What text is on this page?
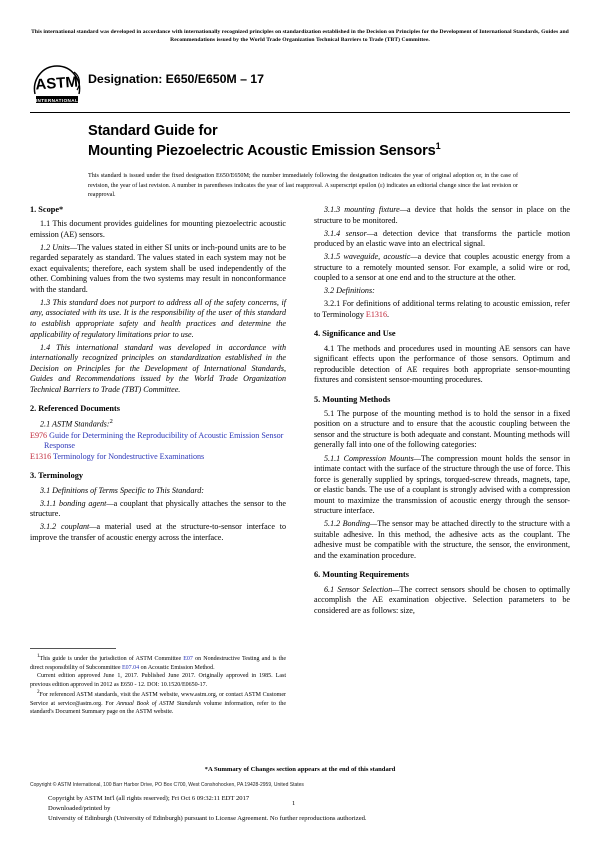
This international standard was developed in accordance with internationally recognized principles on standardization established in the Decision on Principles for the Development of International Standards, Guides and Recommendations issued by the World Trade Organization Technical Barriers to Trade (TBT) Committee.
ASTM
INTERNATIONAL
Designation: E650/E650M – 17
Standard Guide for
Mounting Piezoelectric Acoustic Emission Sensors$^1$
This standard is issued under the fixed designation E650/E650M; the number immediately following the designation indicates the year of original adoption or, in the case of revision, the year of last revision. A number in parentheses indicates the year of last reapproval. A superscript epsilon (ε) indicates an editorial change since the last revision or reapproval.
1. Scope*

1.1 This document provides guidelines for mounting piezoelectric acoustic emission (AE) sensors.

1.2 Units—The values stated in either SI units or inch-pound units are to be regarded separately as standard. The values stated in each system may not be exact equivalents; therefore, each system shall be used independently of the other. Combining values from the two systems may result in nonconformance with the standard.

1.3 This standard does not purport to address all of the safety concerns, if any, associated with its use. It is the responsibility of the user of this standard to establish appropriate safety and health practices and determine the applicability of regulatory limitations prior to use.

1.4 This international standard was developed in accordance with internationally recognized principles on standardization established in the Decision on Principles for the Development of International Standards, Guides and Recommendations issued by the World Trade Organization Technical Barriers to Trade (TBT) Committee.

2. Referenced Documents

2.1 ASTM Standards:$^2$

E976 Guide for Determining the Reproducibility of Acoustic Emission Sensor Response

E1316 Terminology for Nondestructive Examinations

3. Terminology

3.1 Definitions of Terms Specific to This Standard:

3.1.1 bonding agent—a couplant that physically attaches the sensor to the structure.

3.1.2 couplant—a material used at the structure-to-sensor interface to improve the transfer of acoustic energy across the interface.

$^1$This guide is under the jurisdiction of ASTM Committee E07 on Nondestructive Testing and is the direct responsibility of Subcommittee E07.04 on Acoustic Emission Method.

Current edition approved June 1, 2017. Published June 2017. Originally approved in 1985. Last previous edition approved in 2012 as E650 - 12. DOI: 10.1520/E0650-17.

$^2$For referenced ASTM standards, visit the ASTM website, www.astm.org, or contact ASTM Customer Service at service@astm.org. For Annual Book of ASTM Standards volume information, refer to the standard's Document Summary page on the ASTM website.

3.1.3 mounting fixture—a device that holds the sensor in place on the structure to be monitored.

3.1.4 sensor—a detection device that transforms the particle motion produced by an elastic wave into an electrical signal.

3.1.5 waveguide, acoustic—a device that couples acoustic energy from a structure to a remotely mounted sensor. For example, a solid wire or rod, coupled to a sensor at one end and to the structure at the other.

3.2 Definitions:

3.2.1 For definitions of additional terms relating to acoustic emission, refer to Terminology E1316.

4. Significance and Use

4.1 The methods and procedures used in mounting AE sensors can have significant effects upon the performance of those sensors. Optimum and reproducible detection of AE requires both appropriate sensor-mounting fixtures and consistent sensor-mounting procedures.

5. Mounting Methods

5.1 The purpose of the mounting method is to hold the sensor in a fixed position on a structure and to ensure that the acoustic coupling between the sensor and the structure is both adequate and constant. Mounting methods will generally fall into one of the following categories:

5.1.1 Compression Mounts—The compression mount holds the sensor in intimate contact with the surface of the structure through the use of force. This force is generally supplied by springs, torqued-screw threads, magnets, tape, or elastic bands. The use of a couplant is strongly advised with a compression mount to maximize the transmission of acoustic energy through the sensor-structure interface.

5.1.2 Bonding—The sensor may be attached directly to the structure with a suitable adhesive. In this method, the adhesive acts as the couplant. The adhesive must be compatible with the structure, the sensor, the environment, and the examination procedure.

6. Mounting Requirements

6.1 Sensor Selection—The correct sensors should be chosen to optimally accomplish the AE examination objective. Selection parameters to be considered are as follows: size,

*A Summary of Changes section appears at the end of this standard
Copyright © ASTM International, 100 Barr Harbor Drive, PO Box C700, West Conshohocken, PA 19428-2959, United States
Copyright by ASTM Int'l (all rights reserved); Fri Oct 6 09:32:11 EDT 2017
Downloaded/printed by
University of Edinburgh (University of Edinburgh) pursuant to License Agreement. No further reproductions authorized.
1
